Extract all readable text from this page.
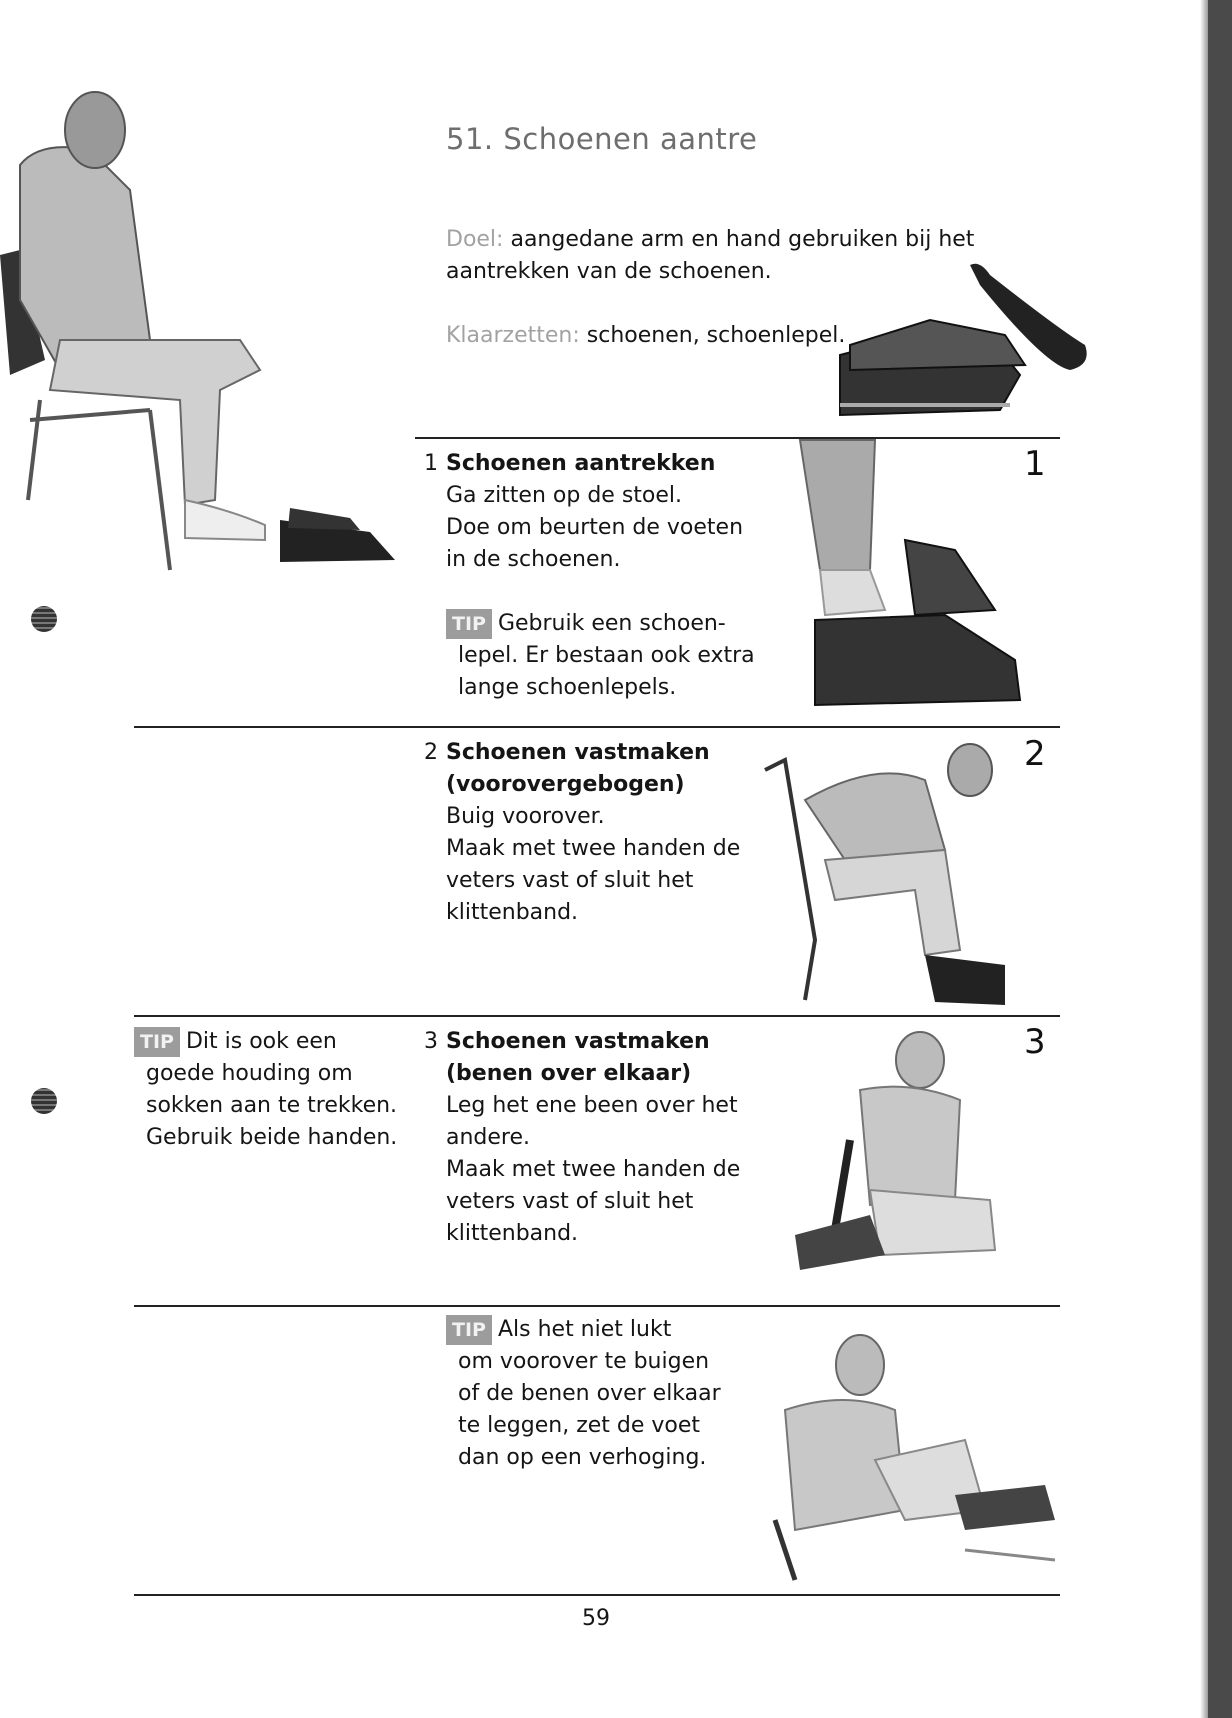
51. Schoenen aantre
Doel: aangedane arm en hand gebruiken bij het
aantrekken van de schoenen.
Klaarzetten: schoenen, schoenlepel.
1 Schoenen aantrekken
Ga zitten op de stoel.
Doe om beurten de voeten
in de schoenen.
TIP Gebruik een schoen-
lepel. Er bestaan ook extra
lange schoenlepels.
1
2 Schoenen vastmaken
(voorovergebogen)
Buig voorover.
Maak met twee handen de
veters vast of sluit het
klittenband.
2
TIP Dit is ook een
goede houding om
sokken aan te trekken.
Gebruik beide handen.
3 Schoenen vastmaken
(benen over elkaar)
Leg het ene been over het
andere.
Maak met twee handen de
veters vast of sluit het
klittenband.
3
TIP Als het niet lukt
om voorover te buigen
of de benen over elkaar
te leggen, zet de voet
dan op een verhoging.
59
